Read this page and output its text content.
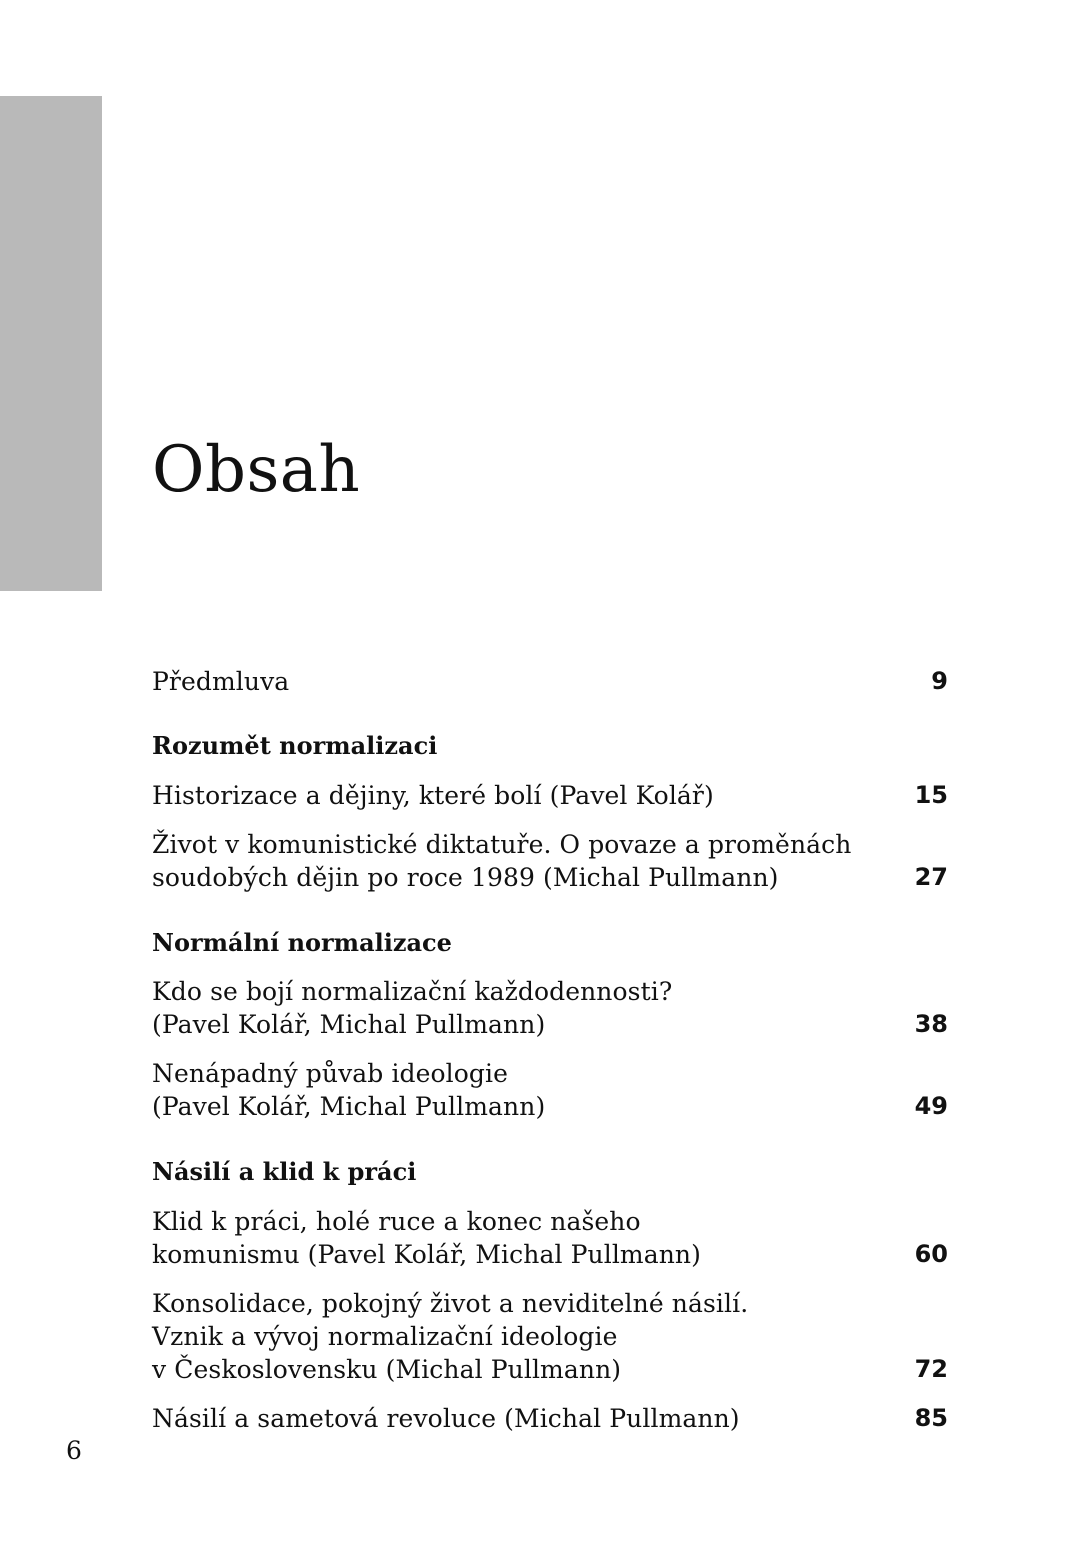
Obsah
Předmluva	9
Rozumět normalizaci
Historizace a dějiny, které bolí (Pavel Kolář)	15
Život v komunistické diktatuře. O povaze a proměnách
soudobých dějin po roce 1989 (Michal Pullmann)	27
Normální normalizace
Kdo se bojí normalizační každodennosti?
(Pavel Kolář, Michal Pullmann)	38
Nenápadný půvab ideologie
(Pavel Kolář, Michal Pullmann)	49
Násilí a klid k práci
Klid k práci, holé ruce a konec našeho
komunismu (Pavel Kolář, Michal Pullmann)	60
Konsolidace, pokojný život a neviditelné násilí.
Vznik a vývoj normalizační ideologie
v Československu (Michal Pullmann)	72
Násilí a sametová revoluce (Michal Pullmann)	85
6
